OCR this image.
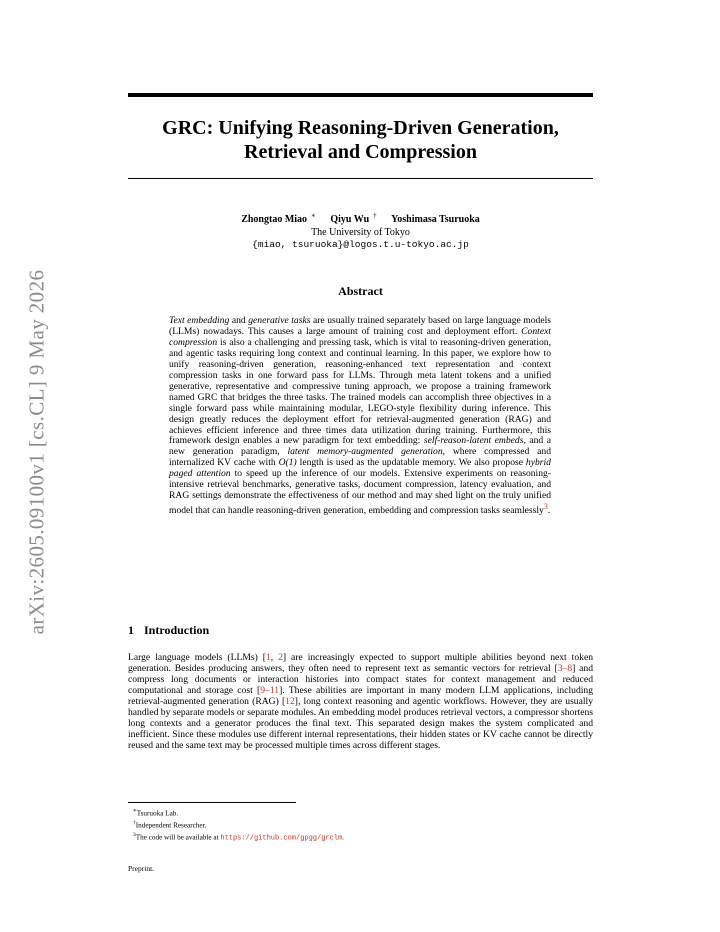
arXiv:2605.09100v1 [cs.CL] 9 May 2026
GRC: Unifying Reasoning-Driven Generation,
Retrieval and Compression
Zhongtao Miao ∗ Qiyu Wu † Yoshimasa Tsuruoka
The University of Tokyo
{miao, tsuruoka}@logos.t.u-tokyo.ac.jp
Abstract
Text embedding and generative tasks are usually trained separately based on large language models (LLMs) nowadays. This causes a large amount of training cost and deployment effort. Context compression is also a challenging and pressing task, which is vital to reasoning-driven generation, and agentic tasks requiring long context and continual learning. In this paper, we explore how to unify reasoning-driven generation, reasoning-enhanced text representation and context compression tasks in one forward pass for LLMs. Through meta latent tokens and a unified generative, representative and compressive tuning approach, we propose a training framework named GRC that bridges the three tasks. The trained models can accomplish three objectives in a single forward pass while maintaining modular, LEGO-style flexibility during inference. This design greatly reduces the deployment effort for retrieval-augmented generation (RAG) and achieves efficient inference and three times data utilization during training. Furthermore, this framework design enables a new paradigm for text embedding: self-reason-latent embeds, and a new generation paradigm, latent memory-augmented generation, where compressed and internalized KV cache with O(1) length is used as the updatable memory. We also propose hybrid paged attention to speed up the inference of our models. Extensive experiments on reasoning-intensive retrieval benchmarks, generative tasks, document compression, latency evaluation, and RAG settings demonstrate the effectiveness of our method and may shed light on the truly unified model that can handle reasoning-driven generation, embedding and compression tasks seamlessly$^3$.
1 Introduction
Large language models (LLMs) [1, 2] are increasingly expected to support multiple abilities beyond next token generation. Besides producing answers, they often need to represent text as semantic vectors for retrieval [3–8] and compress long documents or interaction histories into compact states for context management and reduced computational and storage cost [9–11]. These abilities are important in many modern LLM applications, including retrieval-augmented generation (RAG) [12], long context reasoning and agentic workflows. However, they are usually handled by separate models or separate modules. An embedding model produces retrieval vectors, a compressor shortens long contexts and a generator produces the final text. This separated design makes the system complicated and inefficient. Since these modules use different internal representations, their hidden states or KV cache cannot be directly reused and the same text may be processed multiple times across different stages.
∗Tsuruoka Lab.
†Independent Researcher.
$^3$The code will be available at https://github.com/gpgg/grclm.
Preprint.
